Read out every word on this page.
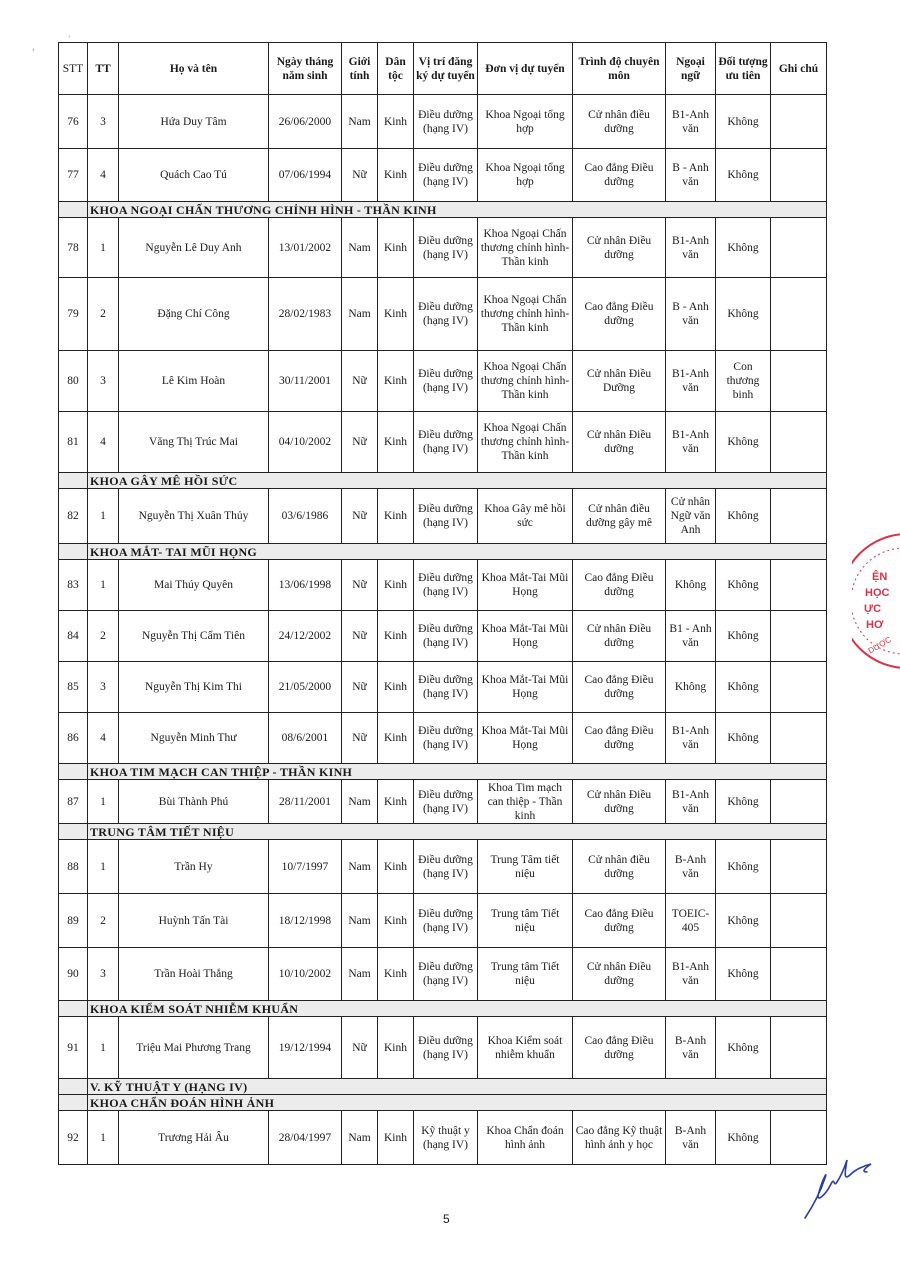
ʼ
‹
STT	TT	Họ và tên	Ngày tháng năm sinh	Giới tính	Dân tộc	Vị trí đăng ký dự tuyển	Đơn vị dự tuyển	Trình độ chuyên môn	Ngoại ngữ	Đối tượng ưu tiên	Ghi chú
76	3	Hứa Duy Tâm	26/06/2000	Nam	Kinh	Điều dưỡng (hạng IV)	Khoa Ngoại tổng hợp	Cử nhân điều dưỡng	B1-Anh văn	Không	
77	4	Quách Cao Tú	07/06/1994	Nữ	Kinh	Điều dưỡng (hạng IV)	Khoa Ngoại tổng hợp	Cao đẳng Điều dưỡng	B - Anh văn	Không	
	KHOA NGOẠI CHẤN THƯƠNG CHỈNH HÌNH - THẦN KINH										
78	1	Nguyễn Lê Duy Anh	13/01/2002	Nam	Kinh	Điều dưỡng (hạng IV)	Khoa Ngoại Chấn thương chỉnh hình-Thần kinh	Cử nhân Điều dưỡng	B1-Anh văn	Không	
79	2	Đặng Chí Công	28/02/1983	Nam	Kinh	Điều dưỡng (hạng IV)	Khoa Ngoại Chấn thương chỉnh hình-Thần kinh	Cao đẳng Điều dưỡng	B - Anh văn	Không	
80	3	Lê Kim Hoàn	30/11/2001	Nữ	Kinh	Điều dưỡng (hạng IV)	Khoa Ngoại Chấn thương chỉnh hình-Thần kinh	Cử nhân Điều Dưỡng	B1-Anh văn	Con thương binh	
81	4	Văng Thị Trúc Mai	04/10/2002	Nữ	Kinh	Điều dưỡng (hạng IV)	Khoa Ngoại Chấn thương chỉnh hình-Thần kinh	Cử nhân Điều dưỡng	B1-Anh văn	Không	
	KHOA GÂY MÊ HỒI SỨC										
82	1	Nguyễn Thị Xuân Thủy	03/6/1986	Nữ	Kinh	Điều dưỡng (hạng IV)	Khoa Gây mê hồi sức	Cử nhân điều dưỡng gây mê	Cử nhân Ngữ văn Anh	Không	
	KHOA MẮT- TAI MŨI HỌNG										
83	1	Mai Thúy Quyên	13/06/1998	Nữ	Kinh	Điều dưỡng (hạng IV)	Khoa Mắt-Tai Mũi Họng	Cao đẳng Điều dưỡng	Không	Không	
84	2	Nguyễn Thị Cẩm Tiên	24/12/2002	Nữ	Kinh	Điều dưỡng (hạng IV)	Khoa Mắt-Tai Mũi Họng	Cử nhân Điều dưỡng	B1 - Anh văn	Không	
85	3	Nguyễn Thị Kim Thi	21/05/2000	Nữ	Kinh	Điều dưỡng (hạng IV)	Khoa Mắt-Tai Mũi Họng	Cao đẳng Điều dưỡng	Không	Không	
86	4	Nguyễn Minh Thư	08/6/2001	Nữ	Kinh	Điều dưỡng (hạng IV)	Khoa Mắt-Tai Mũi Họng	Cao đẳng Điều dưỡng	B1-Anh văn	Không	
	KHOA TIM MẠCH CAN THIỆP - THẦN KINH										
87	1	Bùi Thành Phú	28/11/2001	Nam	Kinh	Điều dưỡng (hạng IV)	Khoa Tim mạch can thiệp - Thần kinh	Cử nhân Điều dưỡng	B1-Anh văn	Không	
	TRUNG TÂM TIẾT NIỆU										
88	1	Trần Hy	10/7/1997	Nam	Kinh	Điều dưỡng (hạng IV)	Trung Tâm tiết niệu	Cử nhân điều dưỡng	B-Anh văn	Không	
89	2	Huỳnh Tấn Tài	18/12/1998	Nam	Kinh	Điều dưỡng (hạng IV)	Trung tâm Tiết niệu	Cao đẳng Điều dưỡng	TOEIC-405	Không	
90	3	Trần Hoài Thắng	10/10/2002	Nam	Kinh	Điều dưỡng (hạng IV)	Trung tâm Tiết niệu	Cử nhân Điều dưỡng	B1-Anh văn	Không	
	KHOA KIỂM SOÁT NHIỄM KHUẨN										
91	1	Triệu Mai Phương Trang	19/12/1994	Nữ	Kinh	Điều dưỡng (hạng IV)	Khoa Kiểm soát nhiễm khuẩn	Cao đẳng Điều dưỡng	B-Anh văn	Không	
	V. KỸ THUẬT Y (HẠNG IV)										
	KHOA CHẨN ĐOÁN HÌNH ẢNH										
92	1	Trương Hải Âu	28/04/1997	Nam	Kinh	Kỹ thuật y (hạng IV)	Khoa Chẩn đoán hình ảnh	Cao đẳng Kỹ thuật hình ảnh y học	B-Anh văn	Không	
5
ỆN
HỌC
ỰC
HƠ
DƯỢC
